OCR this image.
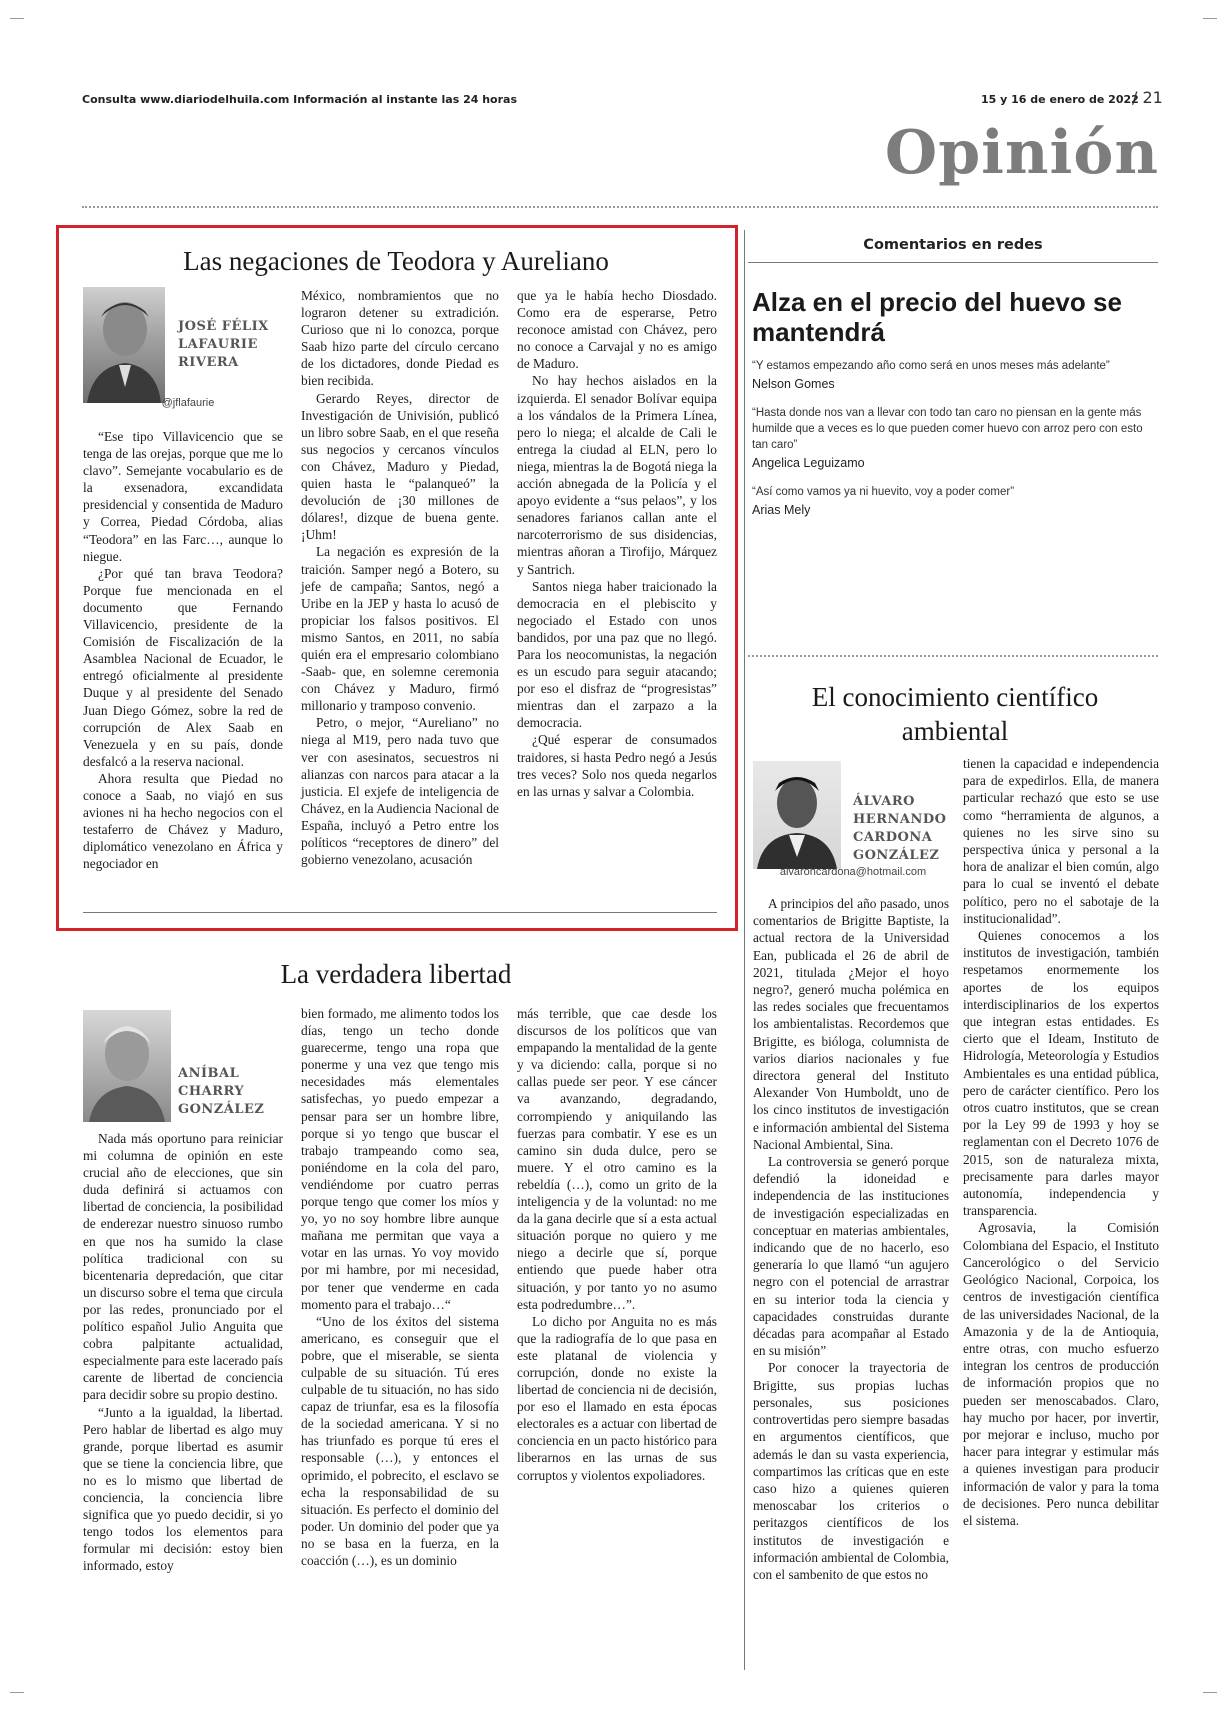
Consulta www.diariodelhuila.com Información al instante las 24 horas	15 y 16 de enero de 2022
/ 21
Opinión
Las negaciones de Teodora y Aureliano
JOSÉ FÉLIX
LAFAURIE
RIVERA
@jflafaurie

“Ese tipo Villavicencio que se tenga de las orejas, porque que me lo clavo”. Semejante vocabulario es de la exsenadora, excandidata presidencial y consentida de Maduro y Correa, Piedad Córdoba, alias “Teodora” en las Farc…, aunque lo niegue.

¿Por qué tan brava Teodora? Porque fue mencionada en el documento que Fernando Villavicencio, presidente de la Comisión de Fiscalización de la Asamblea Nacional de Ecuador, le entregó oficialmente al presidente Duque y al presidente del Senado Juan Diego Gómez, sobre la red de corrupción de Alex Saab en Venezuela y en su país, donde desfalcó a la reserva nacional.

Ahora resulta que Piedad no conoce a Saab, no viajó en sus aviones ni ha hecho negocios con el testaferro de Chávez y Maduro, diplomático venezolano en África y negociador en

México, nombramientos que no lograron detener su extradición. Curioso que ni lo conozca, porque Saab hizo parte del círculo cercano de los dictadores, donde Piedad es bien recibida.

Gerardo Reyes, director de Investigación de Univisión, publicó un libro sobre Saab, en el que reseña sus negocios y cercanos vínculos con Chávez, Maduro y Piedad, quien hasta le “palanqueó” la devolución de ¡30 millones de dólares!, dizque de buena gente. ¡Uhm!

La negación es expresión de la traición. Samper negó a Botero, su jefe de campaña; Santos, negó a Uribe en la JEP y hasta lo acusó de propiciar los falsos positivos. El mismo Santos, en 2011, no sabía quién era el empresario colombiano -Saab- que, en solemne ceremonia con Chávez y Maduro, firmó millonario y tramposo convenio.

Petro, o mejor, “Aureliano” no niega al M19, pero nada tuvo que ver con asesinatos, secuestros ni alianzas con narcos para atacar a la justicia. El exjefe de inteligencia de Chávez, en la Audiencia Nacional de España, incluyó a Petro entre los políticos “receptores de dinero” del gobierno venezolano, acusación

que ya le había hecho Diosdado. Como era de esperarse, Petro reconoce amistad con Chávez, pero no conoce a Carvajal y no es amigo de Maduro.

No hay hechos aislados en la izquierda. El senador Bolívar equipa a los vándalos de la Primera Línea, pero lo niega; el alcalde de Cali le entrega la ciudad al ELN, pero lo niega, mientras la de Bogotá niega la acción abnegada de la Policía y el apoyo evidente a “sus pelaos”, y los senadores farianos callan ante el narcoterrorismo de sus disidencias, mientras añoran a Tirofijo, Márquez y Santrich.

Santos niega haber traicionado la democracia en el plebiscito y negociado el Estado con unos bandidos, por una paz que no llegó. Para los neocomunistas, la negación es un escudo para seguir atacando; por eso el disfraz de “progresistas” mientras dan el zarpazo a la democracia.

¿Qué esperar de consumados traidores, si hasta Pedro negó a Jesús tres veces? Solo nos queda negarlos en las urnas y salvar a Colombia.

Comentarios en redes
Alza en el precio del huevo se mantendrá
“Y estamos empezando año como será en unos meses más adelante”
Nelson Gomes
“Hasta donde nos van a llevar con todo tan caro no piensan en la gente más humilde que a veces es lo que pueden comer huevo con arroz pero con esto tan caro”
Angelica Leguizamo
“Así como vamos ya ni huevito, voy a poder comer”
Arias Mely
El conocimiento científico ambiental
ÁLVARO
HERNANDO
CARDONA
GONZÁLEZ
alvarohcardona@hotmail.com

A principios del año pasado, unos comentarios de Brigitte Baptiste, la actual rectora de la Universidad Ean, publicada el 26 de abril de 2021, titulada ¿Mejor el hoyo negro?, generó mucha polémica en las redes sociales que frecuentamos los ambientalistas. Recordemos que Brigitte, es bióloga, columnista de varios diarios nacionales y fue directora general del Instituto Alexander Von Humboldt, uno de los cinco institutos de investigación e información ambiental del Sistema Nacional Ambiental, Sina.

La controversia se generó porque defendió la idoneidad e independencia de las instituciones de investigación especializadas en conceptuar en materias ambientales, indicando que de no hacerlo, eso generaría lo que llamó “un agujero negro con el potencial de arrastrar en su interior toda la ciencia y capacidades construidas durante décadas para acompañar al Estado en su misión”

Por conocer la trayectoria de Brigitte, sus propias luchas personales, sus posiciones controvertidas pero siempre basadas en argumentos científicos, que además le dan su vasta experiencia, compartimos las críticas que en este caso hizo a quienes quieren menoscabar los criterios o peritazgos científicos de los institutos de investigación e información ambiental de Colombia, con el sambenito de que estos no

tienen la capacidad e independencia para de expedirlos. Ella, de manera particular rechazó que esto se use como “herramienta de algunos, a quienes no les sirve sino su perspectiva única y personal a la hora de analizar el bien común, algo para lo cual se inventó el debate político, pero no el sabotaje de la institucionalidad”.

Quienes conocemos a los institutos de investigación, también respetamos enormemente los aportes de los equipos interdisciplinarios de los expertos que integran estas entidades. Es cierto que el Ideam, Instituto de Hidrología, Meteorología y Estudios Ambientales es una entidad pública, pero de carácter científico. Pero los otros cuatro institutos, que se crean por la Ley 99 de 1993 y hoy se reglamentan con el Decreto 1076 de 2015, son de naturaleza mixta, precisamente para darles mayor autonomía, independencia y transparencia.

Agrosavia, la Comisión Colombiana del Espacio, el Instituto Cancerológico o del Servicio Geológico Nacional, Corpoica, los centros de investigación científica de las universidades Nacional, de la Amazonia y de la de Antioquia, entre otras, con mucho esfuerzo integran los centros de producción de información propios que no pueden ser menoscabados. Claro, hay mucho por hacer, por invertir, por mejorar e incluso, mucho por hacer para integrar y estimular más a quienes investigan para producir información de valor y para la toma de decisiones. Pero nunca debilitar el sistema.

La verdadera libertad
ANÍBAL
CHARRY
GONZÁLEZ

Nada más oportuno para reiniciar mi columna de opinión en este crucial año de elecciones, que sin duda definirá si actuamos con libertad de conciencia, la posibilidad de enderezar nuestro sinuoso rumbo en que nos ha sumido la clase política tradicional con su bicentenaria depredación, que citar un discurso sobre el tema que circula por las redes, pronunciado por el político español Julio Anguita que cobra palpitante actualidad, especialmente para este lacerado país carente de libertad de conciencia para decidir sobre su propio destino.

“Junto a la igualdad, la libertad. Pero hablar de libertad es algo muy grande, porque libertad es asumir que se tiene la conciencia libre, que no es lo mismo que libertad de conciencia, la conciencia libre significa que yo puedo decidir, si yo tengo todos los elementos para formular mi decisión: estoy bien informado, estoy

bien formado, me alimento todos los días, tengo un techo donde guarecerme, tengo una ropa que ponerme y una vez que tengo mis necesidades más elementales satisfechas, yo puedo empezar a pensar para ser un hombre libre, porque si yo tengo que buscar el trabajo trampeando como sea, poniéndome en la cola del paro, vendiéndome por cuatro perras porque tengo que comer los míos y yo, yo no soy hombre libre aunque mañana me permitan que vaya a votar en las urnas. Yo voy movido por mi hambre, por mi necesidad, por tener que venderme en cada momento para el trabajo…“

“Uno de los éxitos del sistema americano, es conseguir que el pobre, que el miserable, se sienta culpable de su situación. Tú eres culpable de tu situación, no has sido capaz de triunfar, esa es la filosofía de la sociedad americana. Y si no has triunfado es porque tú eres el responsable (…), y entonces el oprimido, el pobrecito, el esclavo se echa la responsabilidad de su situación. Es perfecto el dominio del poder. Un dominio del poder que ya no se basa en la fuerza, en la coacción (…), es un dominio

más terrible, que cae desde los discursos de los políticos que van empapando la mentalidad de la gente y va diciendo: calla, porque si no callas puede ser peor. Y ese cáncer va avanzando, degradando, corrompiendo y aniquilando las fuerzas para combatir. Y ese es un camino sin duda dulce, pero se muere. Y el otro camino es la rebeldía (…), como un grito de la inteligencia y de la voluntad: no me da la gana decirle que sí a esta actual situación porque no quiero y me niego a decirle que sí, porque entiendo que puede haber otra situación, y por tanto yo no asumo esta podredumbre…”.

Lo dicho por Anguita no es más que la radiografía de lo que pasa en este platanal de violencia y corrupción, donde no existe la libertad de conciencia ni de decisión, por eso el llamado en esta épocas electorales es a actuar con libertad de conciencia en un pacto histórico para liberarnos en las urnas de sus corruptos y violentos expoliadores.
